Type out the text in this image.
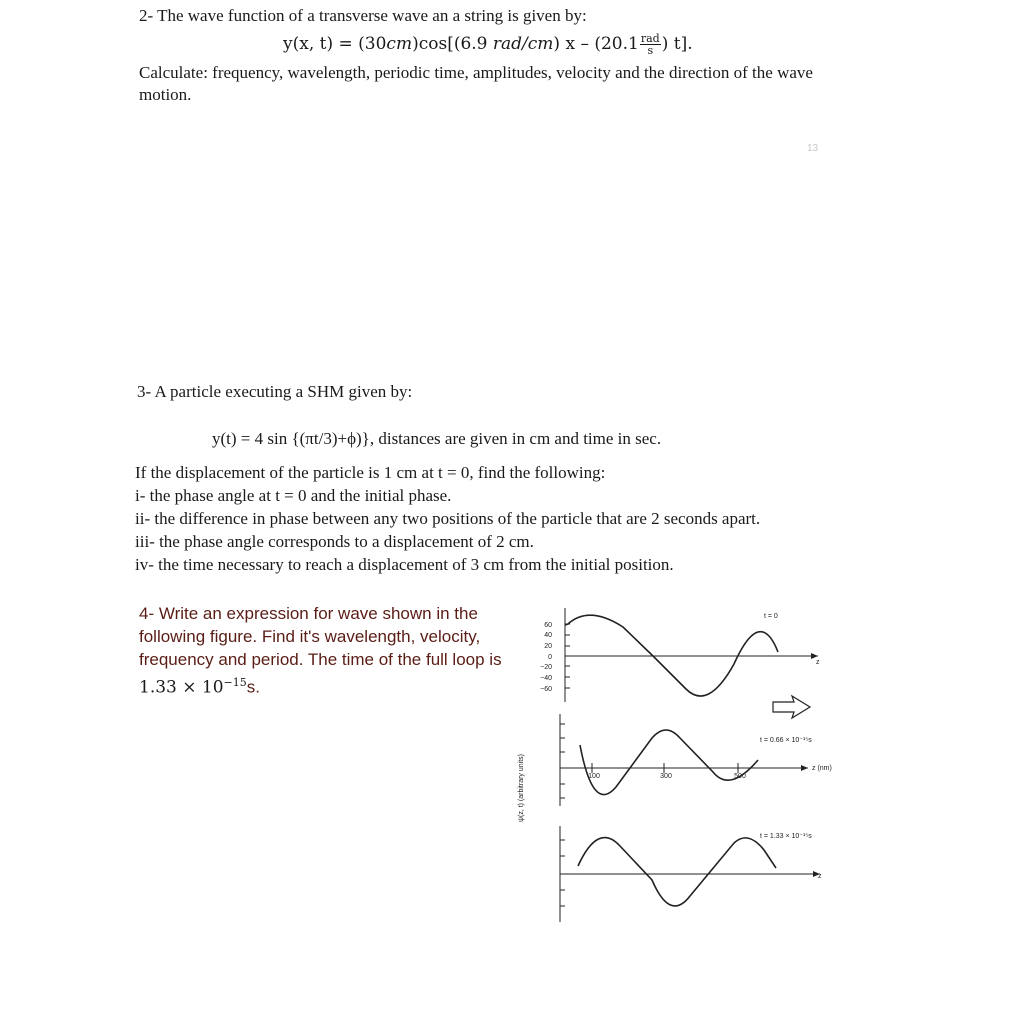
2- The wave function of a transverse wave an a string is given by:
y(x, t) = (30cm)cos[(6.9 rad/cm) x – ($20.1 \frac{\text{rad}}{s}$ ) t].
Calculate: frequency, wavelength, periodic time, amplitudes, velocity and the direction of the wave motion.
13
3- A particle executing a SHM given by:
y(t) = 4 sin {(πt/3)+ϕ)}, distances are given in cm and time in sec.
If the displacement of the particle is 1 cm at t = 0, find the following:
i- the phase angle at t = 0 and the initial phase.
ii- the difference in phase between any two positions of the particle that are 2 seconds apart.
iii- the phase angle corresponds to a displacement of 2 cm.
iv- the time necessary to reach a displacement of 3 cm from the initial position.
4- Write an expression for wave shown in the following figure. Find it's wavelength, velocity, frequency and period. The time of the full loop is $1.33 \times 10^{-15}s$.
60
40
20
0
−20
−40
−60
100	300	500
t = 0
t = 0.66 × 10⁻¹⁵s
t = 1.33 × 10⁻¹⁵s
z
z (nm)
z
ψ(z, t) (arbitrary units)
